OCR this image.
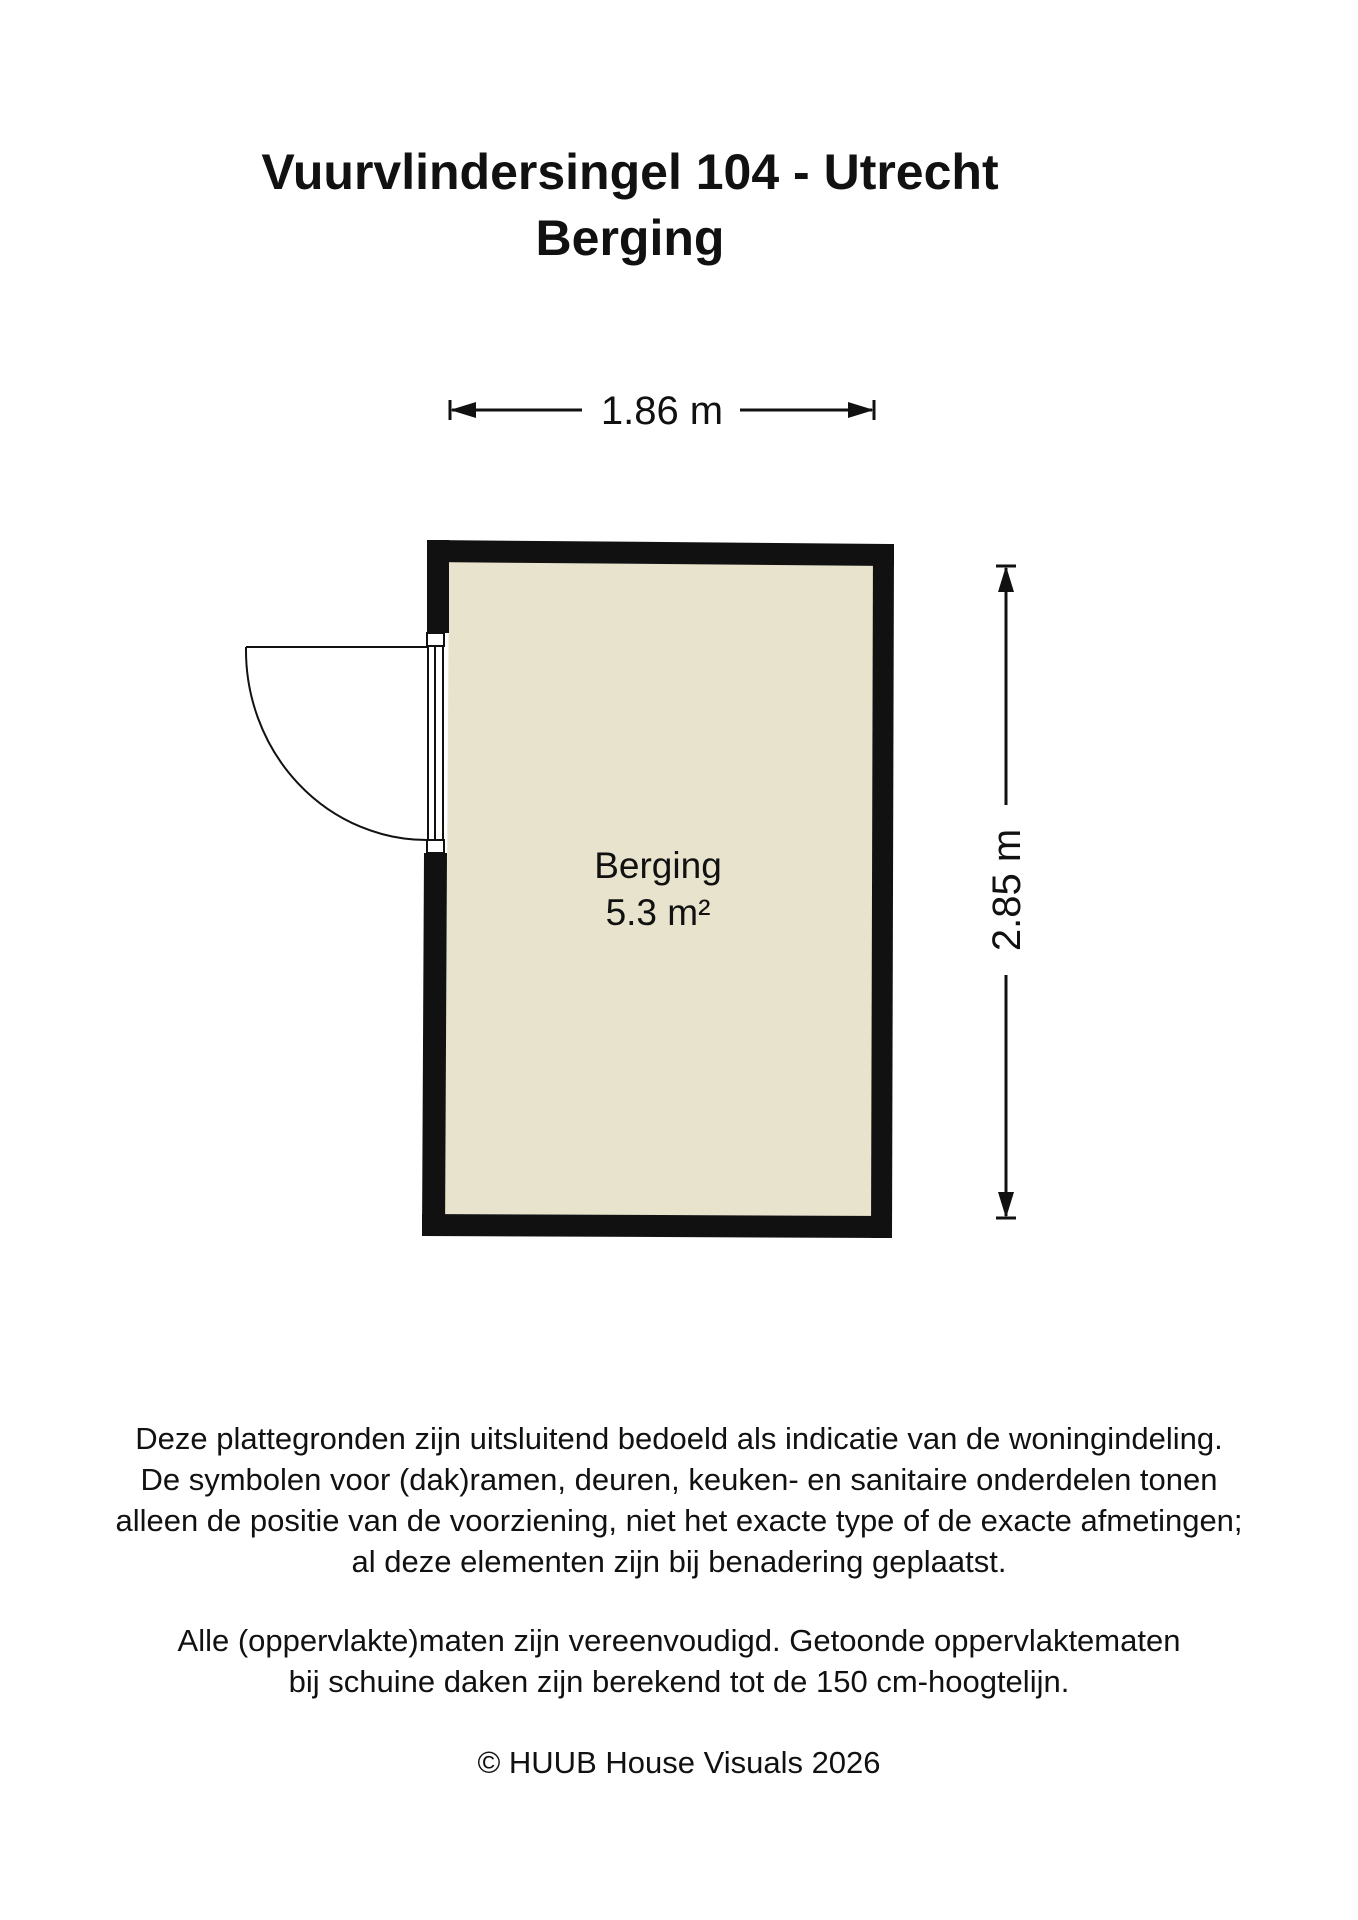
Vuurvlindersingel 104 - Utrecht
Berging
1.86 m
2.85 m
Berging
5.3 m²
Deze plattegronden zijn uitsluitend bedoeld als indicatie van de woningindeling.
De symbolen voor (dak)ramen, deuren, keuken- en sanitaire onderdelen tonen
alleen de positie van de voorziening, niet het exacte type of de exacte afmetingen;
al deze elementen zijn bij benadering geplaatst.
Alle (oppervlakte)maten zijn vereenvoudigd. Getoonde oppervlaktematen
bij schuine daken zijn berekend tot de 150 cm-hoogtelijn.
© HUUB House Visuals 2026
